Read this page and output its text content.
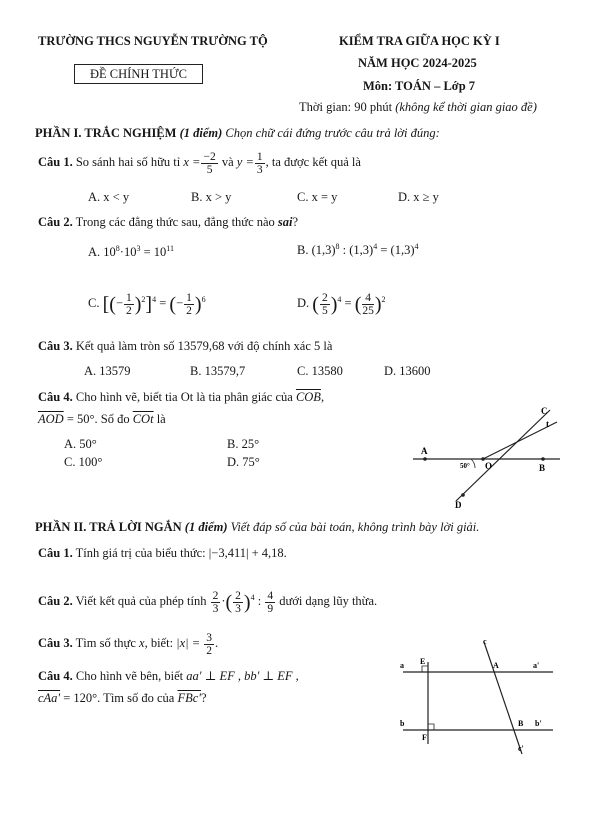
TRƯỜNG THCS NGUYỄN TRƯỜNG TỘ	KIỂM TRA GIỮA HỌC KỲ I
ĐỀ CHÍNH THỨC
NĂM HỌC 2024-2025
Môn: TOÁN – Lớp 7
Thời gian: 90 phút (không kể thời gian giao đề)
PHẦN I. TRẮC NGHIỆM (1 điểm) Chọn chữ cái đứng trước câu trả lời đúng:
Câu 1. So sánh hai số hữu tỉ $x = \frac{-2}{5}$ và $y = \frac{1}{3}$ , ta được kết quả là
A. x < y	B. x > y	C. x = y	D. x ≥ y
Câu 2. Trong các đẳng thức sau, đẳng thức nào sai?
A. $10^8\cdot 10^3 = 10^{11}$	B. $(1,3)^8$ : $(1,3)^4 = (1,3)^4$
C. [(− $\frac{1}{2} )^2]^4$ = (− $\frac{1}{2} )^6$	D. ( $\frac{2}{5} )^4$ = ( $\frac{4}{25} )^2$
Câu 3. Kết quả làm tròn số 13579,68 với độ chính xác 5 là
A. 13579	B. 13579,7	C. 13580	D. 13600
Câu 4. Cho hình vẽ, biết tia Ot là tia phân giác của $\overline{COB}$,
$\overline{AOD} = 50^\circ$. Số đo $\overline{COt}$ là
A. 50°	B. 25°
C. 100°	D. 75°
C
t
A
50° O	B
D
PHẦN II. TRẢ LỜI NGẮN (1 điểm) Viết đáp số của bài toán, không trình bày lời giải.
Câu 1. Tính giá trị của biểu thức: |−3,411| + 4,18.
Câu 2. Viết kết quả của phép tính $\frac{2}{3}$ ·( $\frac{2}{3} )^4$ : $\frac{4}{9}$ dưới dạng lũy thừa.
Câu 3. Tìm số thực x, biết: $|x| = \frac{3}{2}$ .
Câu 4. Cho hình vẽ bên, biết aa' ⊥ EF , bb' ⊥ EF ,
cAa' = 120°. Tìm số đo của FBc'?
c
a E	A	a'
b
F
B b'
c'
